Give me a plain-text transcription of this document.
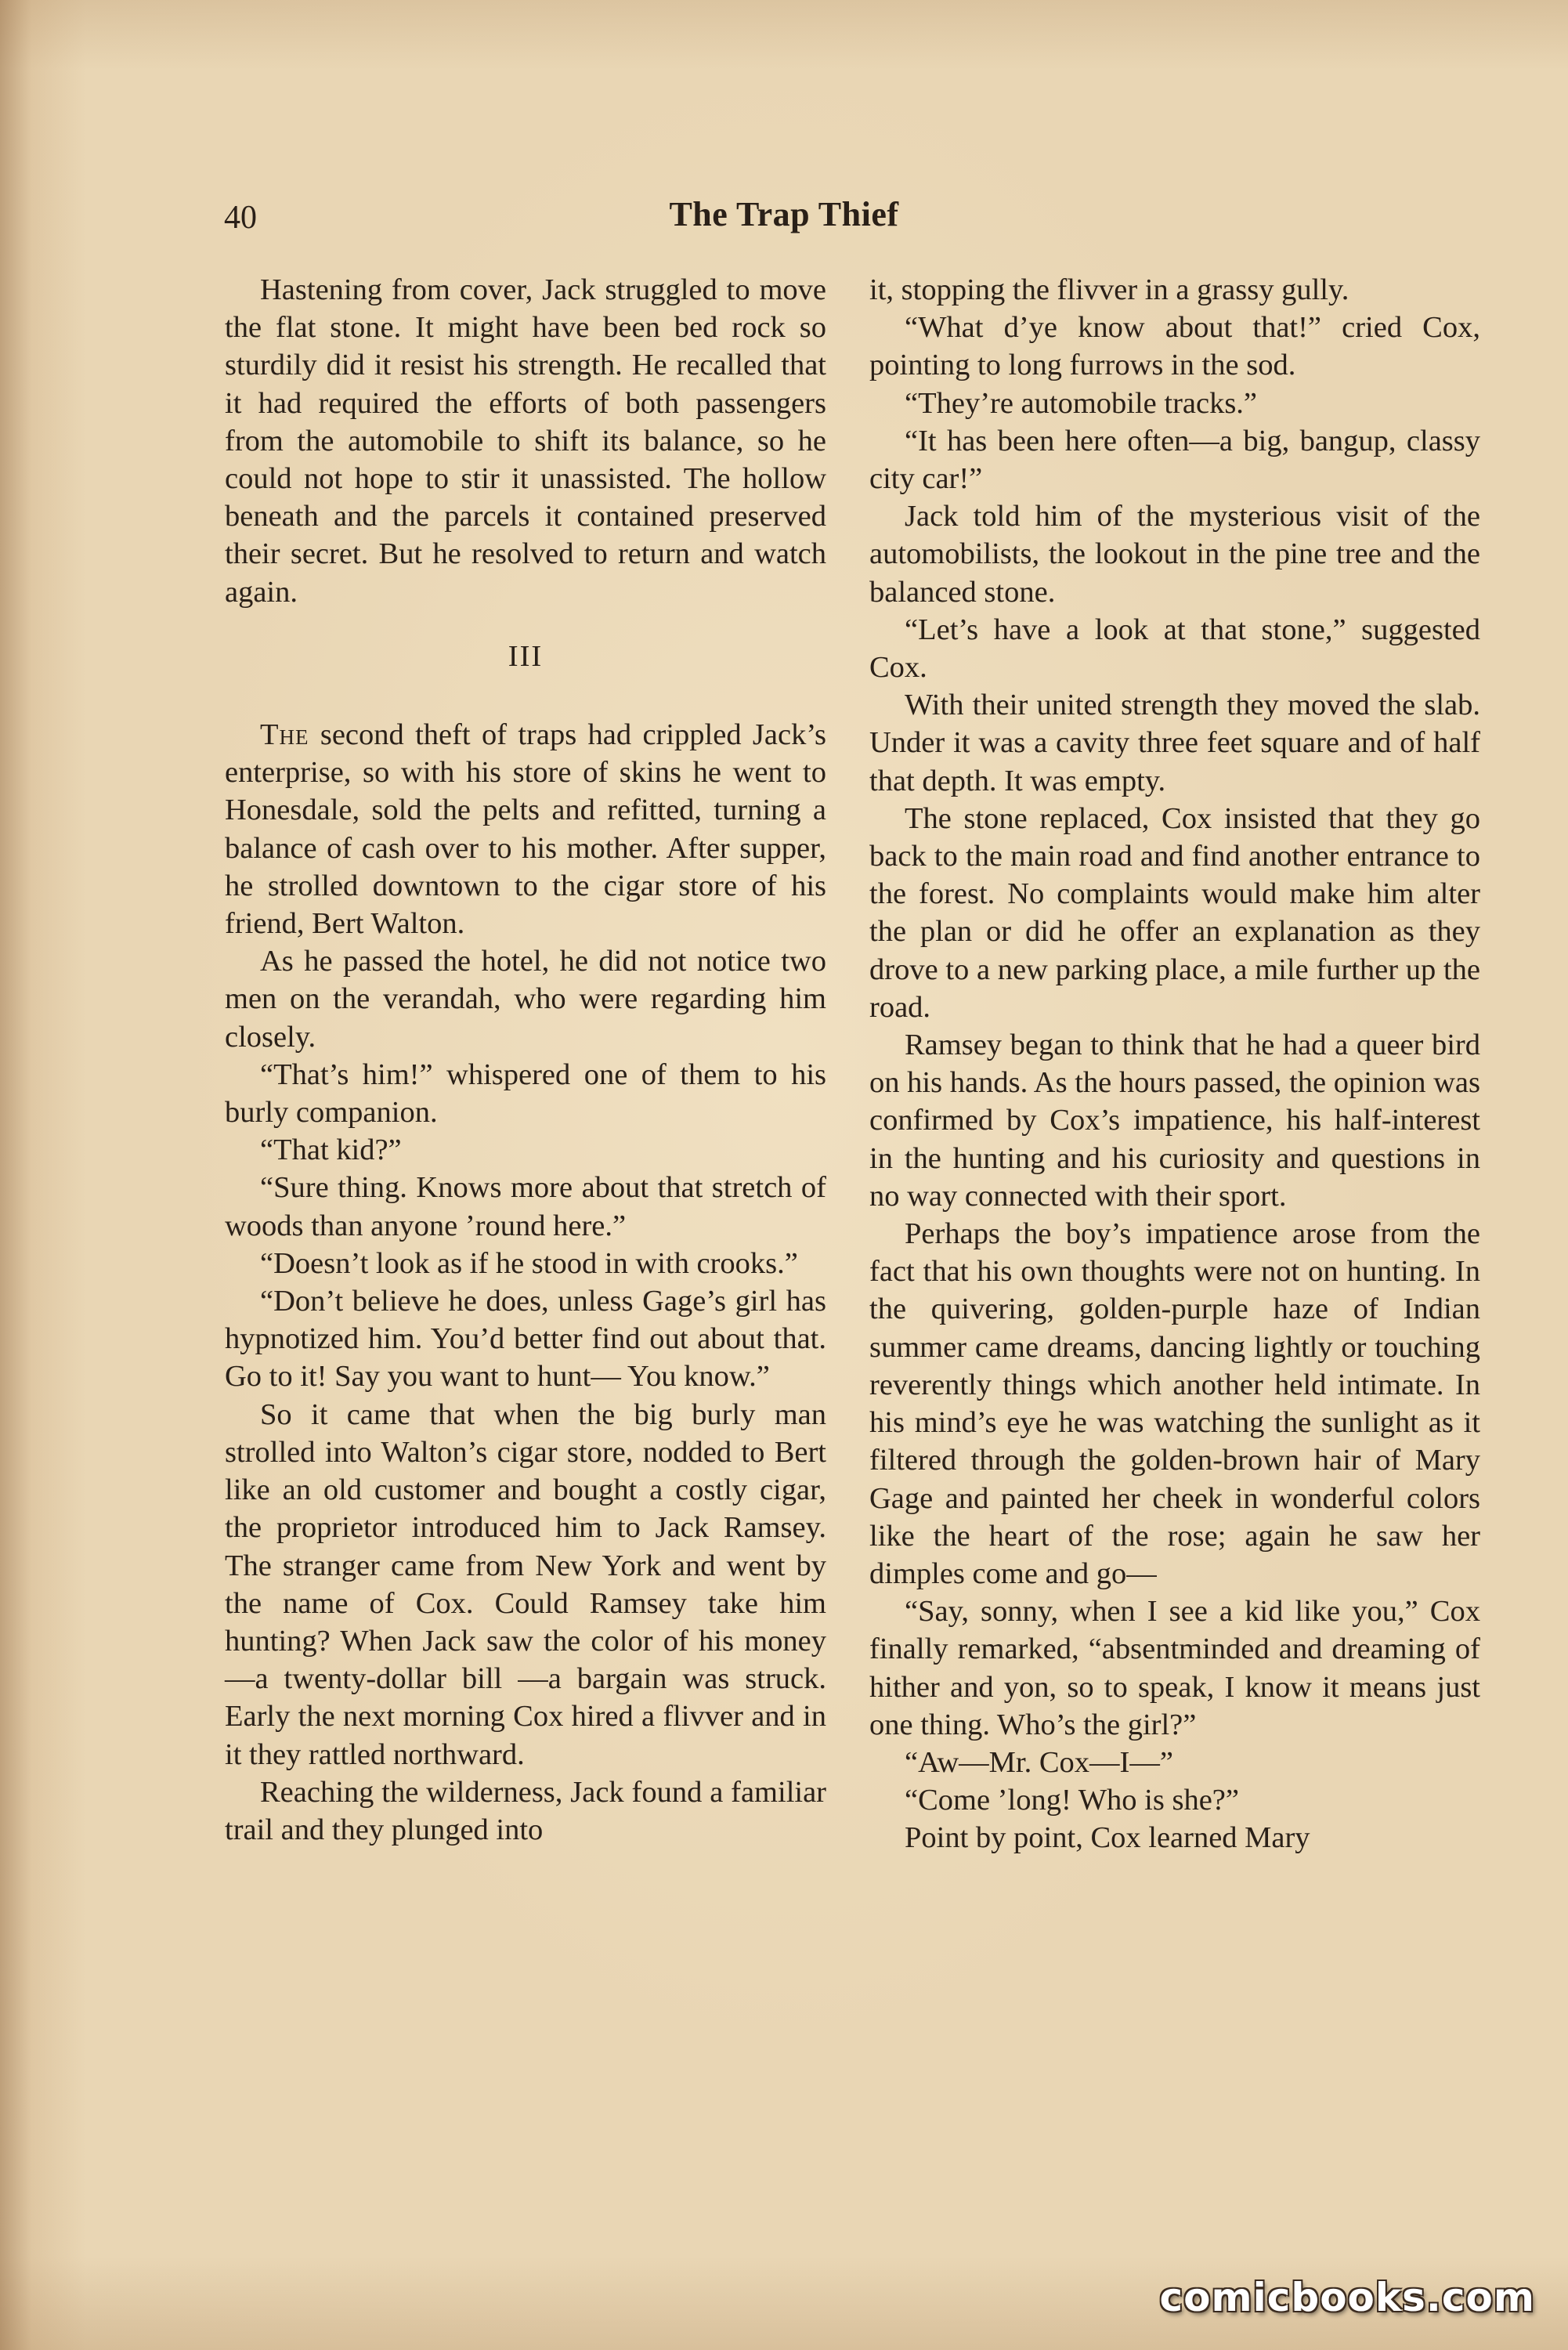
40	The Trap Thief

Hastening from cover, Jack struggled to move the flat stone. It might have been bed rock so sturdily did it resist his strength. He recalled that it had required the efforts of both passengers from the automobile to shift its balance, so he could not hope to stir it unassisted. The hollow beneath and the parcels it contained preserved their secret. But he resolved to return and watch again.

III

The second theft of traps had crippled Jack’s enterprise, so with his store of skins he went to Honesdale, sold the pelts and refitted, turning a balance of cash over to his mother. After supper, he strolled downtown to the cigar store of his friend, Bert Walton.

As he passed the hotel, he did not notice two men on the verandah, who were regarding him closely.

“That’s him!” whispered one of them to his burly companion.

“That kid?”

“Sure thing. Knows more about that stretch of woods than anyone ’round here.”

“Doesn’t look as if he stood in with crooks.”

“Don’t believe he does, unless Gage’s girl has hypnotized him. You’d better find out about that. Go to it! Say you want to hunt— You know.”

So it came that when the big burly man strolled into Walton’s cigar store, nodded to Bert like an old customer and bought a costly cigar, the proprietor introduced him to Jack Ramsey. The stranger came from New York and went by the name of Cox. Could Ramsey take him hunting? When Jack saw the color of his money—a twenty-dollar bill —a bargain was struck. Early the next morning Cox hired a flivver and in it they rattled northward.

Reaching the wilderness, Jack found a familiar trail and they plunged into

it, stopping the flivver in a grassy gully.

“What d’ye know about that!” cried Cox, pointing to long furrows in the sod.

“They’re automobile tracks.”

“It has been here often—a big, bangup, classy city car!”

Jack told him of the mysterious visit of the automobilists, the lookout in the pine tree and the balanced stone.

“Let’s have a look at that stone,” suggested Cox.

With their united strength they moved the slab. Under it was a cavity three feet square and of half that depth. It was empty.

The stone replaced, Cox insisted that they go back to the main road and find another entrance to the forest. No complaints would make him alter the plan or did he offer an explanation as they drove to a new parking place, a mile further up the road.

Ramsey began to think that he had a queer bird on his hands. As the hours passed, the opinion was confirmed by Cox’s impatience, his half-interest in the hunting and his curiosity and questions in no way connected with their sport.

Perhaps the boy’s impatience arose from the fact that his own thoughts were not on hunting. In the quivering, golden-purple haze of Indian summer came dreams, dancing lightly or touching reverently things which another held intimate. In his mind’s eye he was watching the sunlight as it filtered through the golden-brown hair of Mary Gage and painted her cheek in wonderful colors like the heart of the rose; again he saw her dimples come and go—

“Say, sonny, when I see a kid like you,” Cox finally remarked, “absentminded and dreaming of hither and yon, so to speak, I know it means just one thing. Who’s the girl?”

“Aw—Mr. Cox—I—”

“Come ’long! Who is she?”

Point by point, Cox learned Mary

comicbooks.com
